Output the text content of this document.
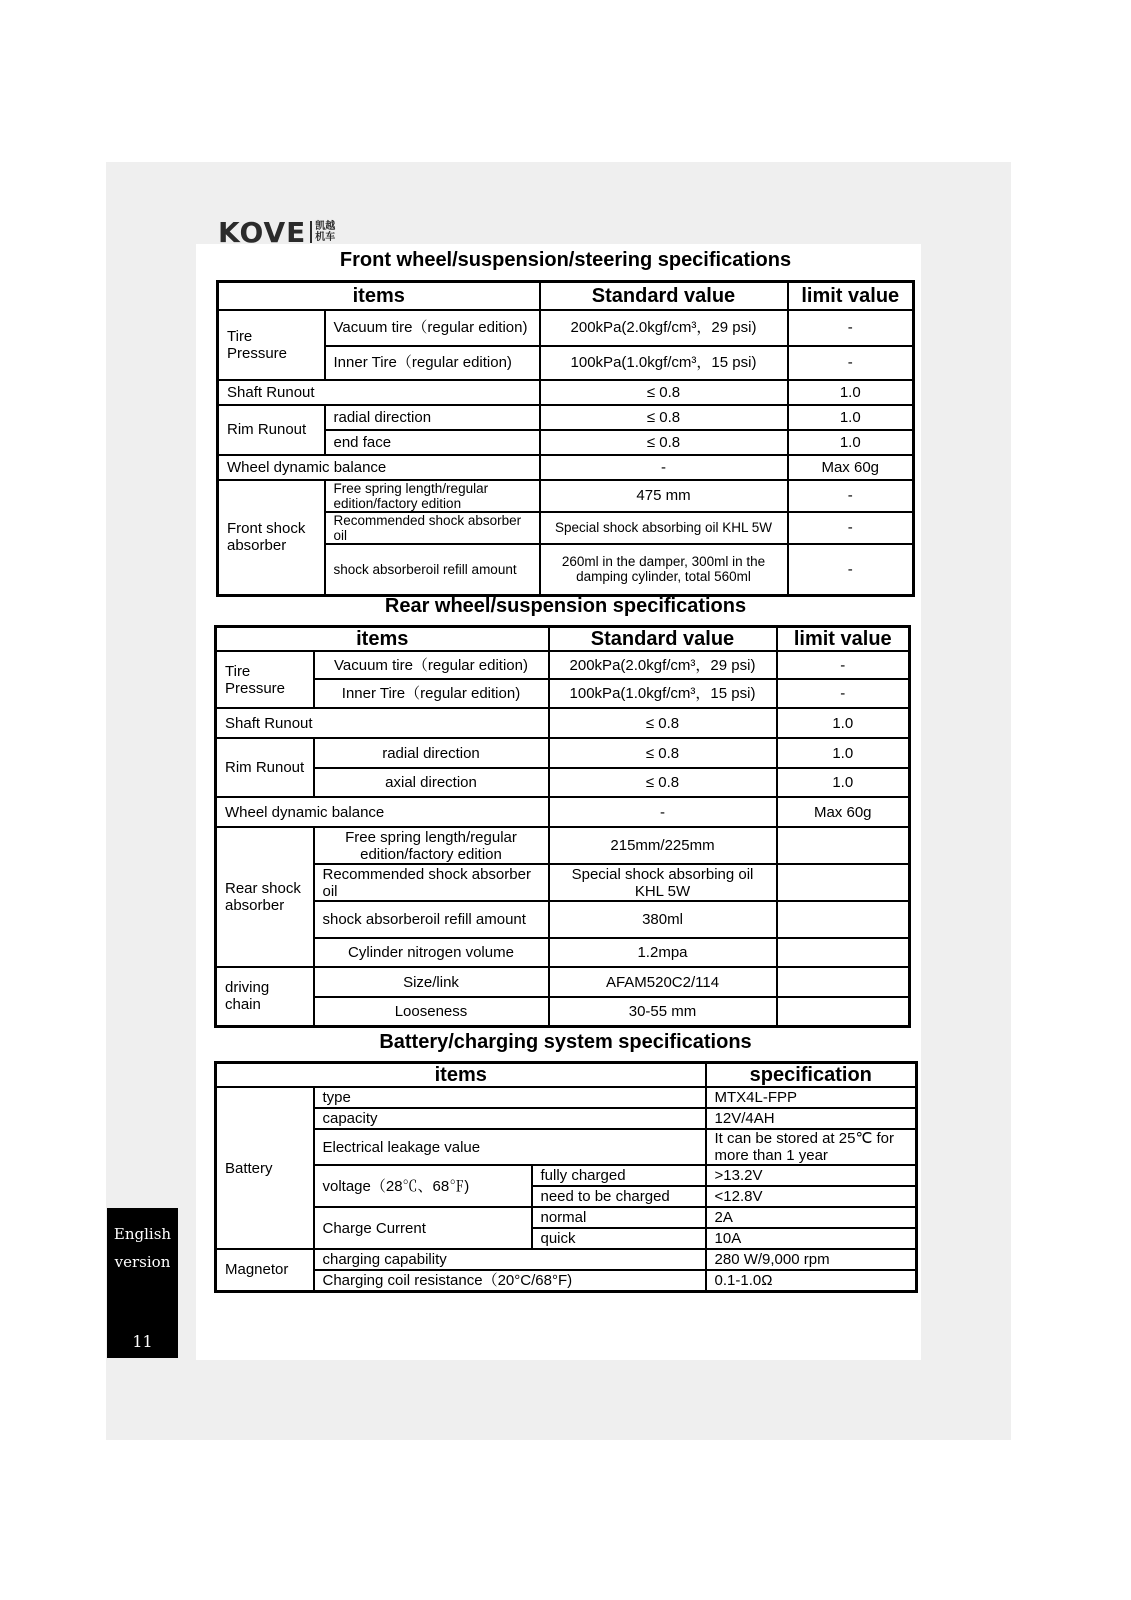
KOVE 凯越
机车
Front wheel/suspension/steering specifications
items		Standard value	limit value
Tire Pressure	Vacuum tire（regular edition)	200kPa(2.0kgf/cm³，29 psi)	-
	Inner Tire（regular edition)	100kPa(1.0kgf/cm³，15 psi)	-
Shaft Runout		≤ 0.8	1.0
Rim Runout	radial direction	≤ 0.8	1.0
	end face	≤ 0.8	1.0
Wheel dynamic balance		-	Max 60g
Front shock absorber	Free spring length/regular edition/factory edition	475 mm	-
	Recommended shock absorber oil	Special shock absorbing oil KHL 5W	-
	shock absorberoil refill amount	260ml in the damper, 300ml in the damping cylinder, total 560ml	-
Rear wheel/suspension specifications
items		Standard value	limit value
Tire Pressure	Vacuum tire（regular edition)	200kPa(2.0kgf/cm³，29 psi)	-
	Inner Tire（regular edition)	100kPa(1.0kgf/cm³，15 psi)	-
Shaft Runout		≤ 0.8	1.0
Rim Runout	radial direction	≤ 0.8	1.0
	axial direction	≤ 0.8	1.0
Wheel dynamic balance		-	Max 60g
Rear shock absorber	Free spring length/regular edition/factory edition	215mm/225mm	
	Recommended shock absorber oil	Special shock absorbing oil KHL 5W	
	shock absorberoil refill amount	380ml	
	Cylinder nitrogen volume	1.2mpa	
driving chain	Size/link	AFAM520C2/114	
	Looseness	30-55 mm	
Battery/charging system specifications
items			specification
Battery	type		MTX4L-FPP
	capacity		12V/4AH
	Electrical leakage value		It can be stored at 25℃ for more than 1 year
	voltage（28℃、68℉)	fully charged	>13.2V
		need to be charged	<12.8V
	Charge Current	normal	2A
		quick	10A
Magnetor	charging capability		280 W/9,000 rpm
	Charging coil resistance（20°C/68°F)		0.1-1.0Ω
English version
11
